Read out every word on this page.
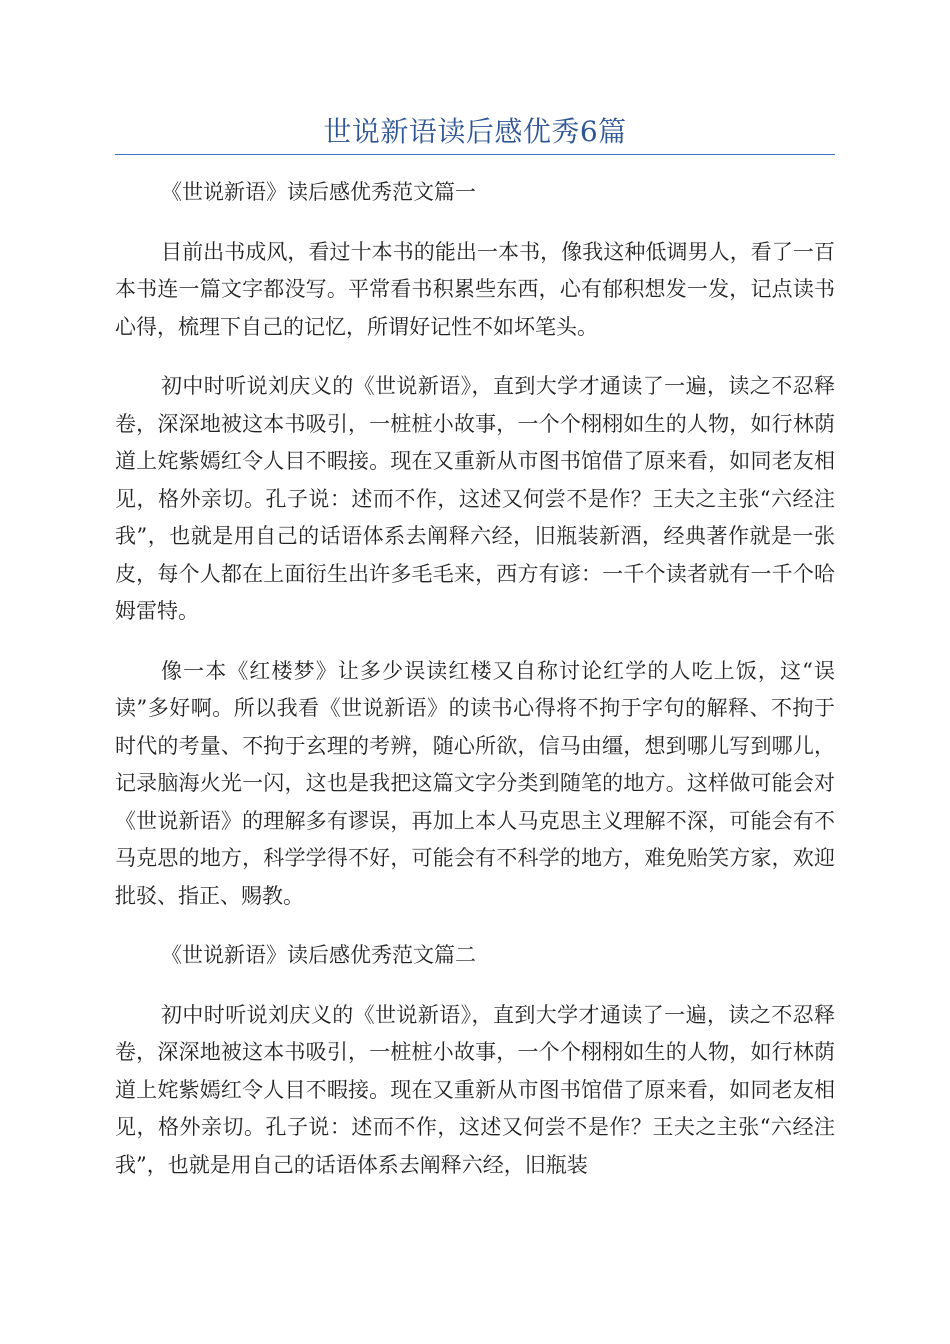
世说新语读后感优秀6篇

《世说新语》读后感优秀范文篇一

目前出书成风，看过十本书的能出一本书，像我这种低调男人，看了一百本书连一篇文字都没写。平常看书积累些东西，心有郁积想发一发，记点读书心得，梳理下自己的记忆，所谓好记性不如坏笔头。

初中时听说刘庆义的《世说新语》，直到大学才通读了一遍，读之不忍释卷，深深地被这本书吸引，一桩桩小故事，一个个栩栩如生的人物，如行林荫道上姹紫嫣红令人目不暇接。现在又重新从市图书馆借了原来看，如同老友相见，格外亲切。孔子说：述而不作，这述又何尝不是作？王夫之主张“六经注我”，也就是用自己的话语体系去阐释六经，旧瓶装新酒，经典著作就是一张皮，每个人都在上面衍生出许多毛毛来，西方有谚：一千个读者就有一千个哈姆雷特。

像一本《红楼梦》让多少误读红楼又自称讨论红学的人吃上饭，这“误读”多好啊。所以我看《世说新语》的读书心得将不拘于字句的解释、不拘于时代的考量、不拘于玄理的考辨，随心所欲，信马由缰，想到哪儿写到哪儿，记录脑海火光一闪，这也是我把这篇文字分类到随笔的地方。这样做可能会对《世说新语》的理解多有谬误，再加上本人马克思主义理解不深，可能会有不马克思的地方，科学学得不好，可能会有不科学的地方，难免贻笑方家，欢迎批驳、指正、赐教。

《世说新语》读后感优秀范文篇二

初中时听说刘庆义的《世说新语》，直到大学才通读了一遍，读之不忍释卷，深深地被这本书吸引，一桩桩小故事，一个个栩栩如生的人物，如行林荫道上姹紫嫣红令人目不暇接。现在又重新从市图书馆借了原来看，如同老友相见，格外亲切。孔子说：述而不作，这述又何尝不是作？王夫之主张“六经注我”，也就是用自己的话语体系去阐释六经，旧瓶装
